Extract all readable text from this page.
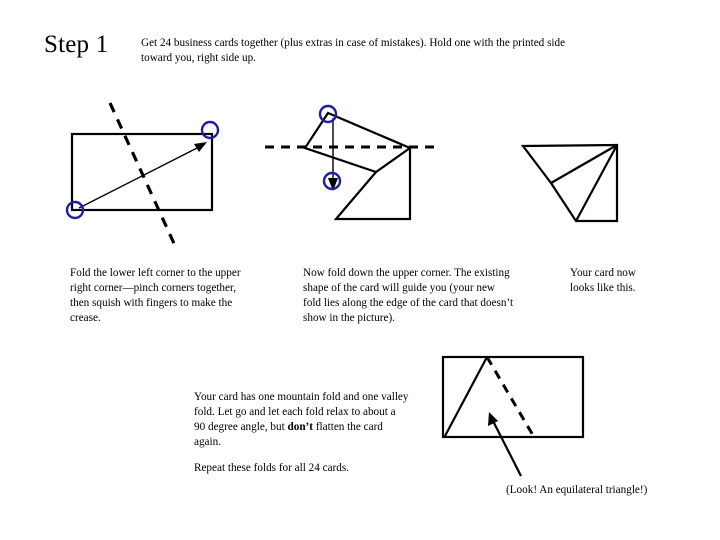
Step 1	Get 24 business cards together (plus extras in case of mistakes). Hold one with the printed side toward you, right side up.
Fold the lower left corner to the upper right corner—pinch corners together, then squish with fingers to make the crease.
Now fold down the upper corner. The existing shape of the card will guide you (your new fold lies along the edge of the card that doesn’t show in the picture).
Your card now looks like this.
Your card has one mountain fold and one valley fold. Let go and let each fold relax to about a 90 degree angle, but don’t flatten the card again.
Repeat these folds for all 24 cards.
(Look! An equilateral triangle!)
